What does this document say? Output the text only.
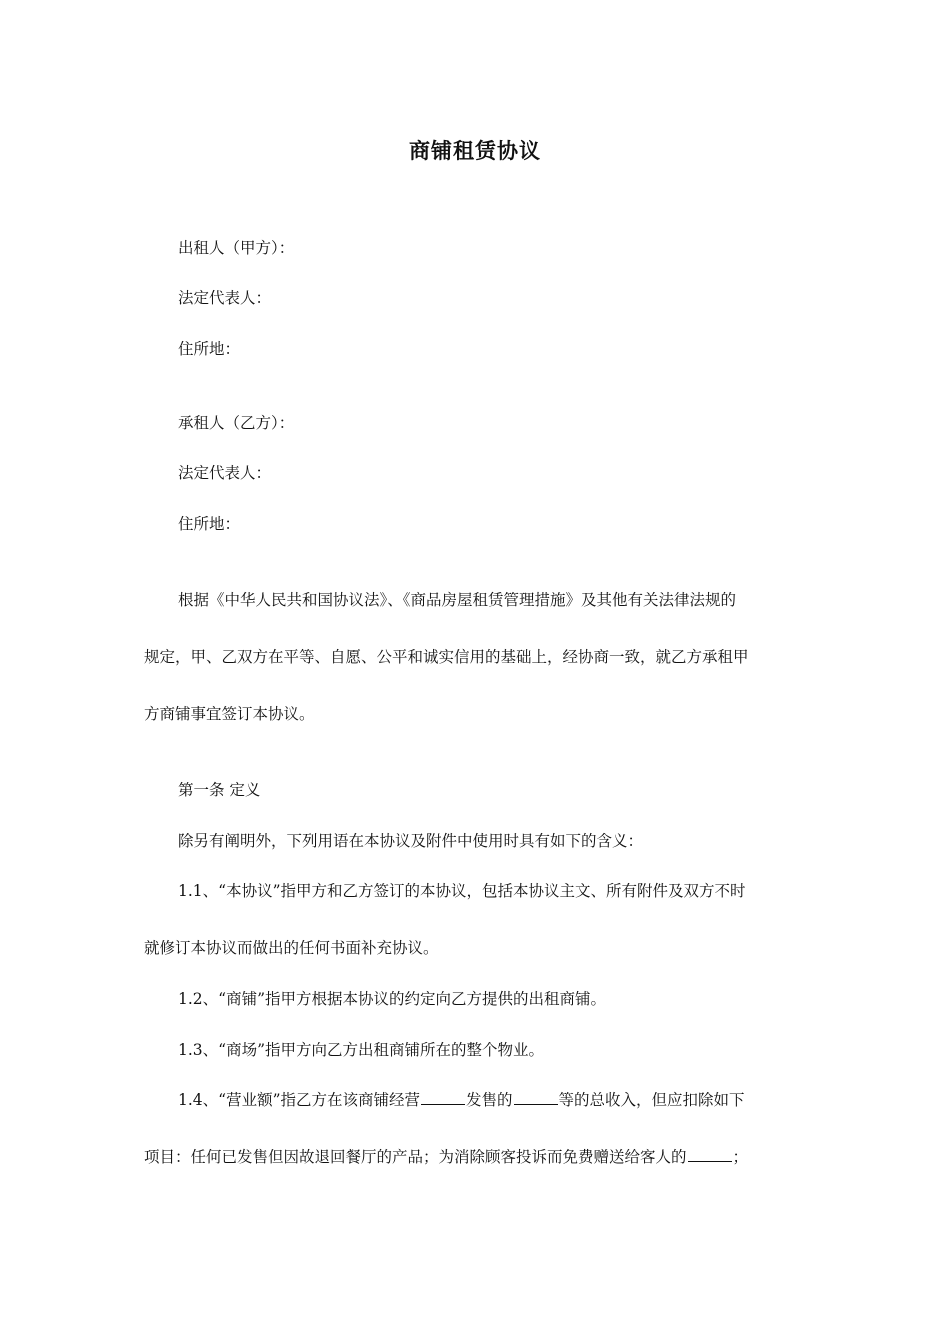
商铺租赁协议
出租人（甲方）：
法定代表人：
住所地：
承租人（乙方）：
法定代表人：
住所地：
根据《中华人民共和国协议法》、《商品房屋租赁管理措施》及其他有关法律法规的
规定，甲、乙双方在平等、自愿、公平和诚实信用的基础上，经协商一致，就乙方承租甲
方商铺事宜签订本协议。
第一条 定义
除另有阐明外，下列用语在本协议及附件中使用时具有如下的含义：
1.1、“本协议”指甲方和乙方签订的本协议，包括本协议主文、所有附件及双方不时
就修订本协议而做出的任何书面补充协议。
1.2、“商铺”指甲方根据本协议的约定向乙方提供的出租商铺。
1.3、“商场”指甲方向乙方出租商铺所在的整个物业。
1.4、“营业额”指乙方在该商铺经营	发售的	等的总收入，但应扣除如下
项目：任何已发售但因故退回餐厅的产品；为消除顾客投诉而免费赠送给客人的	；
